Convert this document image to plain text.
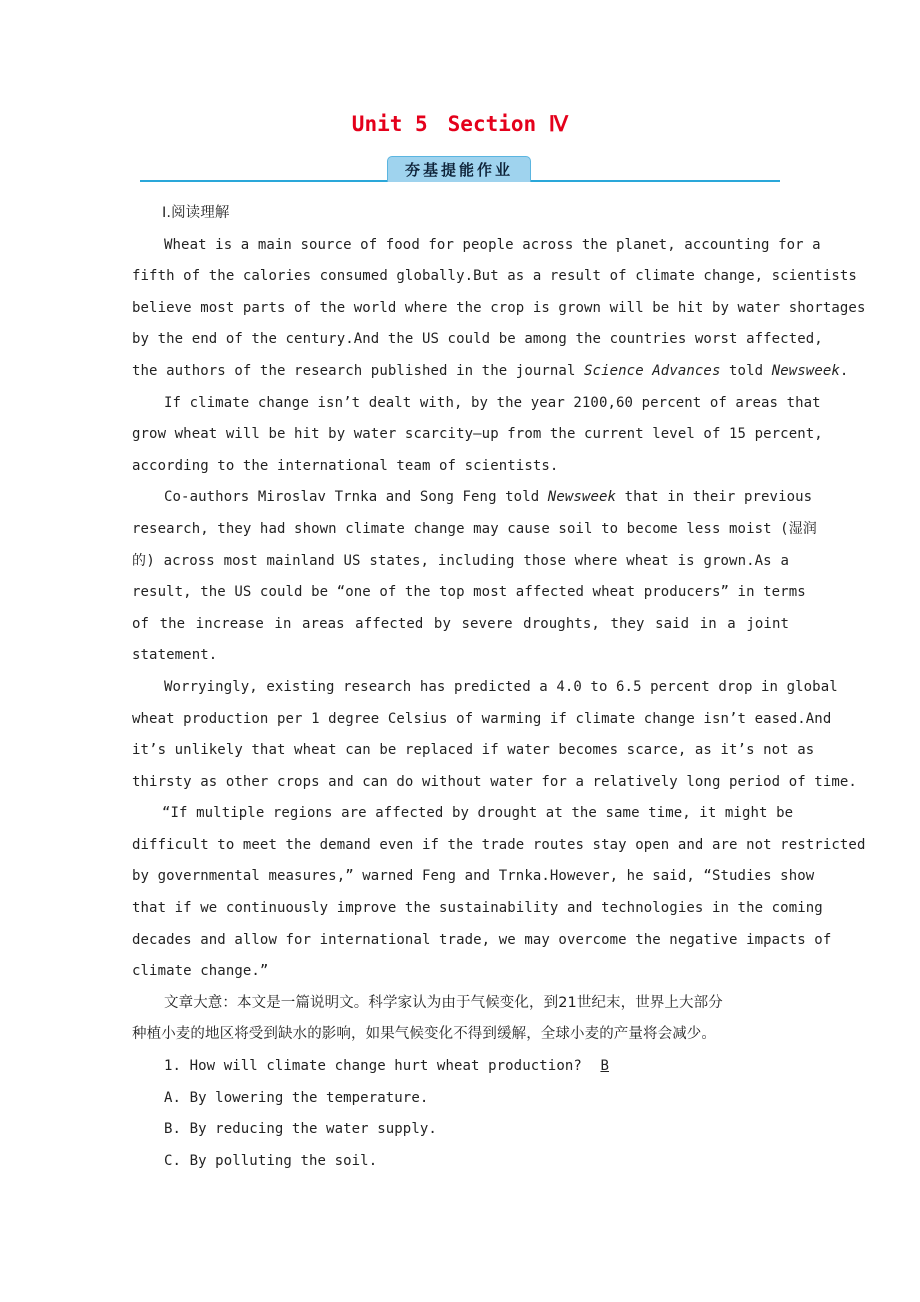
Unit 5 Section Ⅳ
夯基提能作业
Ⅰ.阅读理解
Wheat is a main source of food for people across the planet, accounting for a
fifth of the calories consumed globally.But as a result of climate change, scientists
believe most parts of the world where the crop is grown will be hit by water shortages
by the end of the century.And the US could be among the countries worst affected,
the authors of the research published in the journal Science Advances told Newsweek.
If climate change isn’t dealt with, by the year 2100,60 percent of areas that
grow wheat will be hit by water scarcity—up from the current level of 15 percent,
according to the international team of scientists.
Co-authors Miroslav Trnka and Song Feng told Newsweek that in their previous
research, they had shown climate change may cause soil to become less moist (湿润
的) across most mainland US states, including those where wheat is grown.As a
result, the US could be “one of the top most affected wheat producers” in terms
of the increase in areas affected by severe droughts, they said in a joint
statement.
Worryingly, existing research has predicted a 4.0 to 6.5 percent drop in global
wheat production per 1 degree Celsius of warming if climate change isn’t eased.And
it’s unlikely that wheat can be replaced if water becomes scarce, as it’s not as
thirsty as other crops and can do without water for a relatively long period of time.
“If multiple regions are affected by drought at the same time, it might be
difficult to meet the demand even if the trade routes stay open and are not restricted
by governmental measures,” warned Feng and Trnka.However, he said, “Studies show
that if we continuously improve the sustainability and technologies in the coming
decades and allow for international trade, we may overcome the negative impacts of
climate change.”
文章大意：本文是一篇说明文。科学家认为由于气候变化，到21世纪末，世界上大部分
种植小麦的地区将受到缺水的影响，如果气候变化不得到缓解，全球小麦的产量将会减少。
1. How will climate change hurt wheat production? B
A. By lowering the temperature.
B. By reducing the water supply.
C. By polluting the soil.
